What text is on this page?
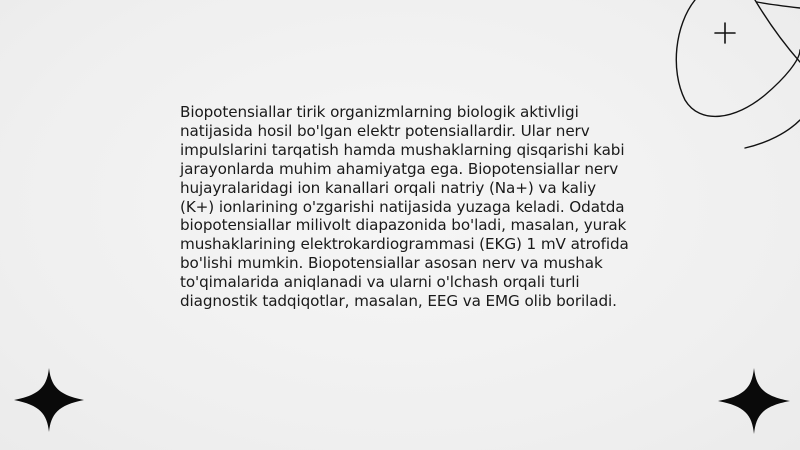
Biopotensiallar tirik organizmlarning biologik aktivligi natijasida hosil bo'lgan elektr potensiallardir. Ular nerv impulslarini tarqatish hamda mushaklarning qisqarishi kabi jarayonlarda muhim ahamiyatga ega. Biopotensiallar nerv hujayralaridagi ion kanallari orqali natriy (Na+) va kaliy (K+) ionlarining o'zgarishi natijasida yuzaga keladi. Odatda biopotensiallar milivolt diapazonida bo'ladi, masalan, yurak mushaklarining elektrokardiogrammasi (EKG) 1 mV atrofida bo'lishi mumkin. Biopotensiallar asosan nerv va mushak to'qimalarida aniqlanadi va ularni o'lchash orqali turli diagnostik tadqiqotlar, masalan, EEG va EMG olib boriladi.
